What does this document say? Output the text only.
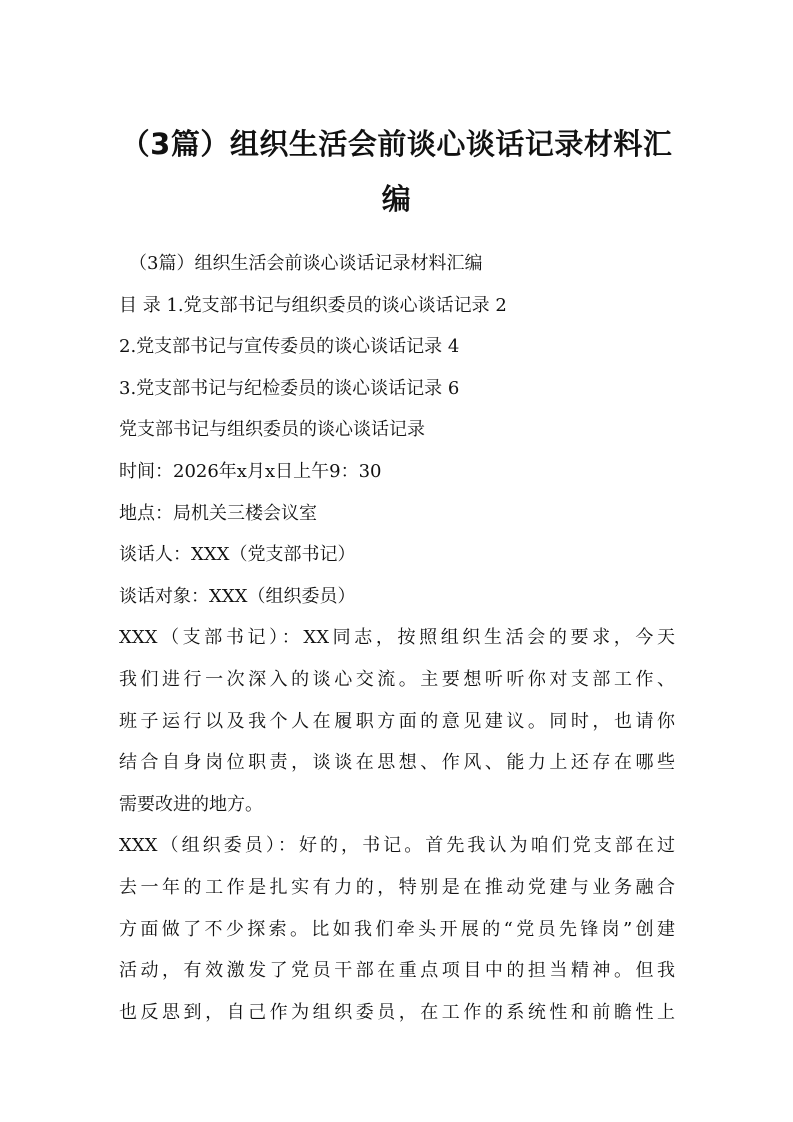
（3篇）组织生活会前谈心谈话记录材料汇
编
（3篇）组织生活会前谈心谈话记录材料汇编
目 录 1.党支部书记与组织委员的谈心谈话记录 2
2.党支部书记与宣传委员的谈心谈话记录 4
3.党支部书记与纪检委员的谈心谈话记录 6
党支部书记与组织委员的谈心谈话记录
时间：2026年x月x日上午9：30
地点：局机关三楼会议室
谈话人：XXX（党支部书记）
谈话对象：XXX（组织委员）
XXX（支部书记）：XX同志，按照组织生活会的要求，今天
我们进行一次深入的谈心交流。主要想听听你对支部工作、
班子运行以及我个人在履职方面的意见建议。同时，也请你
结合自身岗位职责，谈谈在思想、作风、能力上还存在哪些
需要改进的地方。
XXX（组织委员）：好的，书记。首先我认为咱们党支部在过
去一年的工作是扎实有力的，特别是在推动党建与业务融合
方面做了不少探索。比如我们牵头开展的“党员先锋岗”创建
活动，有效激发了党员干部在重点项目中的担当精神。但我
也反思到，自己作为组织委员，在工作的系统性和前瞻性上
